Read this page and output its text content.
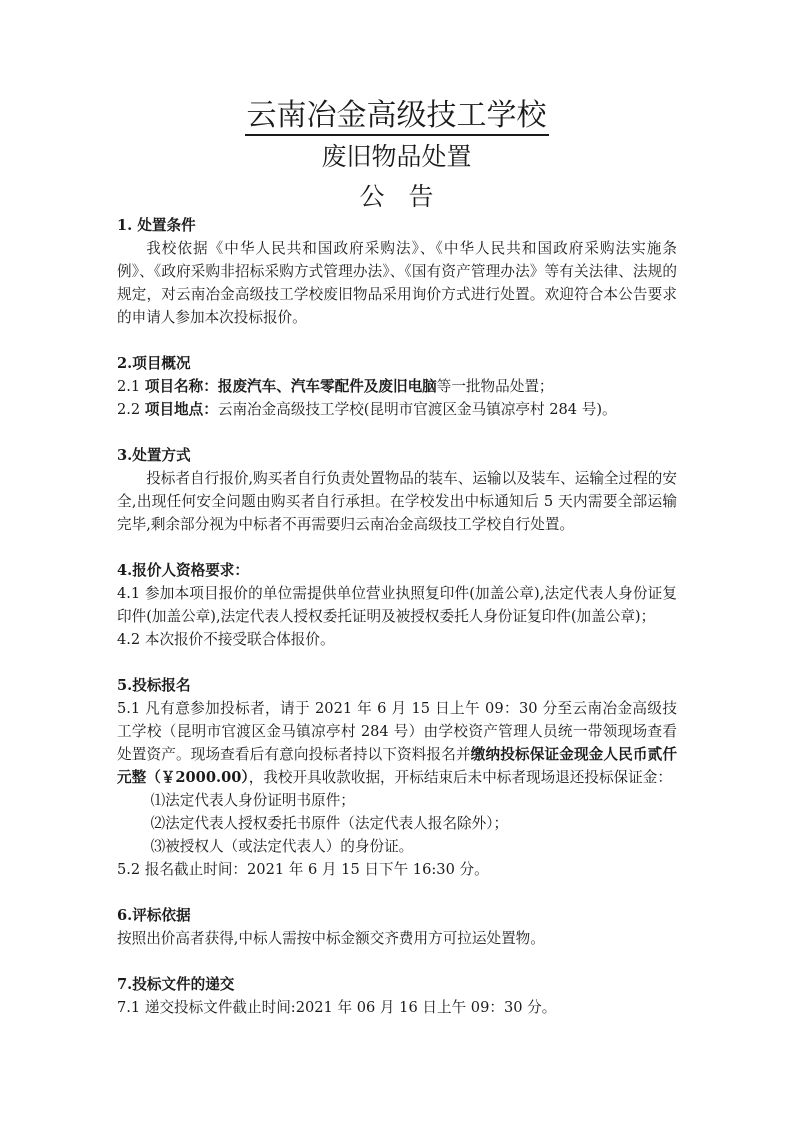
云南冶金高级技工学校
废旧物品处置
公告

1. 处置条件

我校依据《中华人民共和国政府采购法》、《中华人民共和国政府采购法实施条例》、《政府采购非招标采购方式管理办法》、《国有资产管理办法》等有关法律、法规的规定，对云南冶金高级技工学校废旧物品采用询价方式进行处置。欢迎符合本公告要求的申请人参加本次投标报价。

2.项目概况

2.1 项目名称：报废汽车、汽车零配件及废旧电脑等一批物品处置；

2.2 项目地点：云南冶金高级技工学校(昆明市官渡区金马镇凉亭村 284 号)。

3.处置方式

投标者自行报价,购买者自行负责处置物品的装车、运输以及装车、运输全过程的安全,出现任何安全问题由购买者自行承担。在学校发出中标通知后 5 天内需要全部运输完毕,剩余部分视为中标者不再需要归云南冶金高级技工学校自行处置。

4.报价人资格要求：

4.1 参加本项目报价的单位需提供单位营业执照复印件(加盖公章),法定代表人身份证复印件(加盖公章),法定代表人授权委托证明及被授权委托人身份证复印件(加盖公章)；

4.2 本次报价不接受联合体报价。

5.投标报名

5.1 凡有意参加投标者，请于 2021 年 6 月 15 日上午 09：30 分至云南冶金高级技工学校（昆明市官渡区金马镇凉亭村 284 号）由学校资产管理人员统一带领现场查看处置资产。现场查看后有意向投标者持以下资料报名并缴纳投标保证金现金人民币贰仟元整（￥2000.00），我校开具收款收据，开标结束后未中标者现场退还投标保证金：

⑴法定代表人身份证明书原件；

⑵法定代表人授权委托书原件（法定代表人报名除外）；

⑶被授权人（或法定代表人）的身份证。

5.2 报名截止时间：2021 年 6 月 15 日下午 16:30 分。

6.评标依据

按照出价高者获得,中标人需按中标金额交齐费用方可拉运处置物。

7.投标文件的递交

7.1 递交投标文件截止时间:2021 年 06 月 16 日上午 09：30 分。
